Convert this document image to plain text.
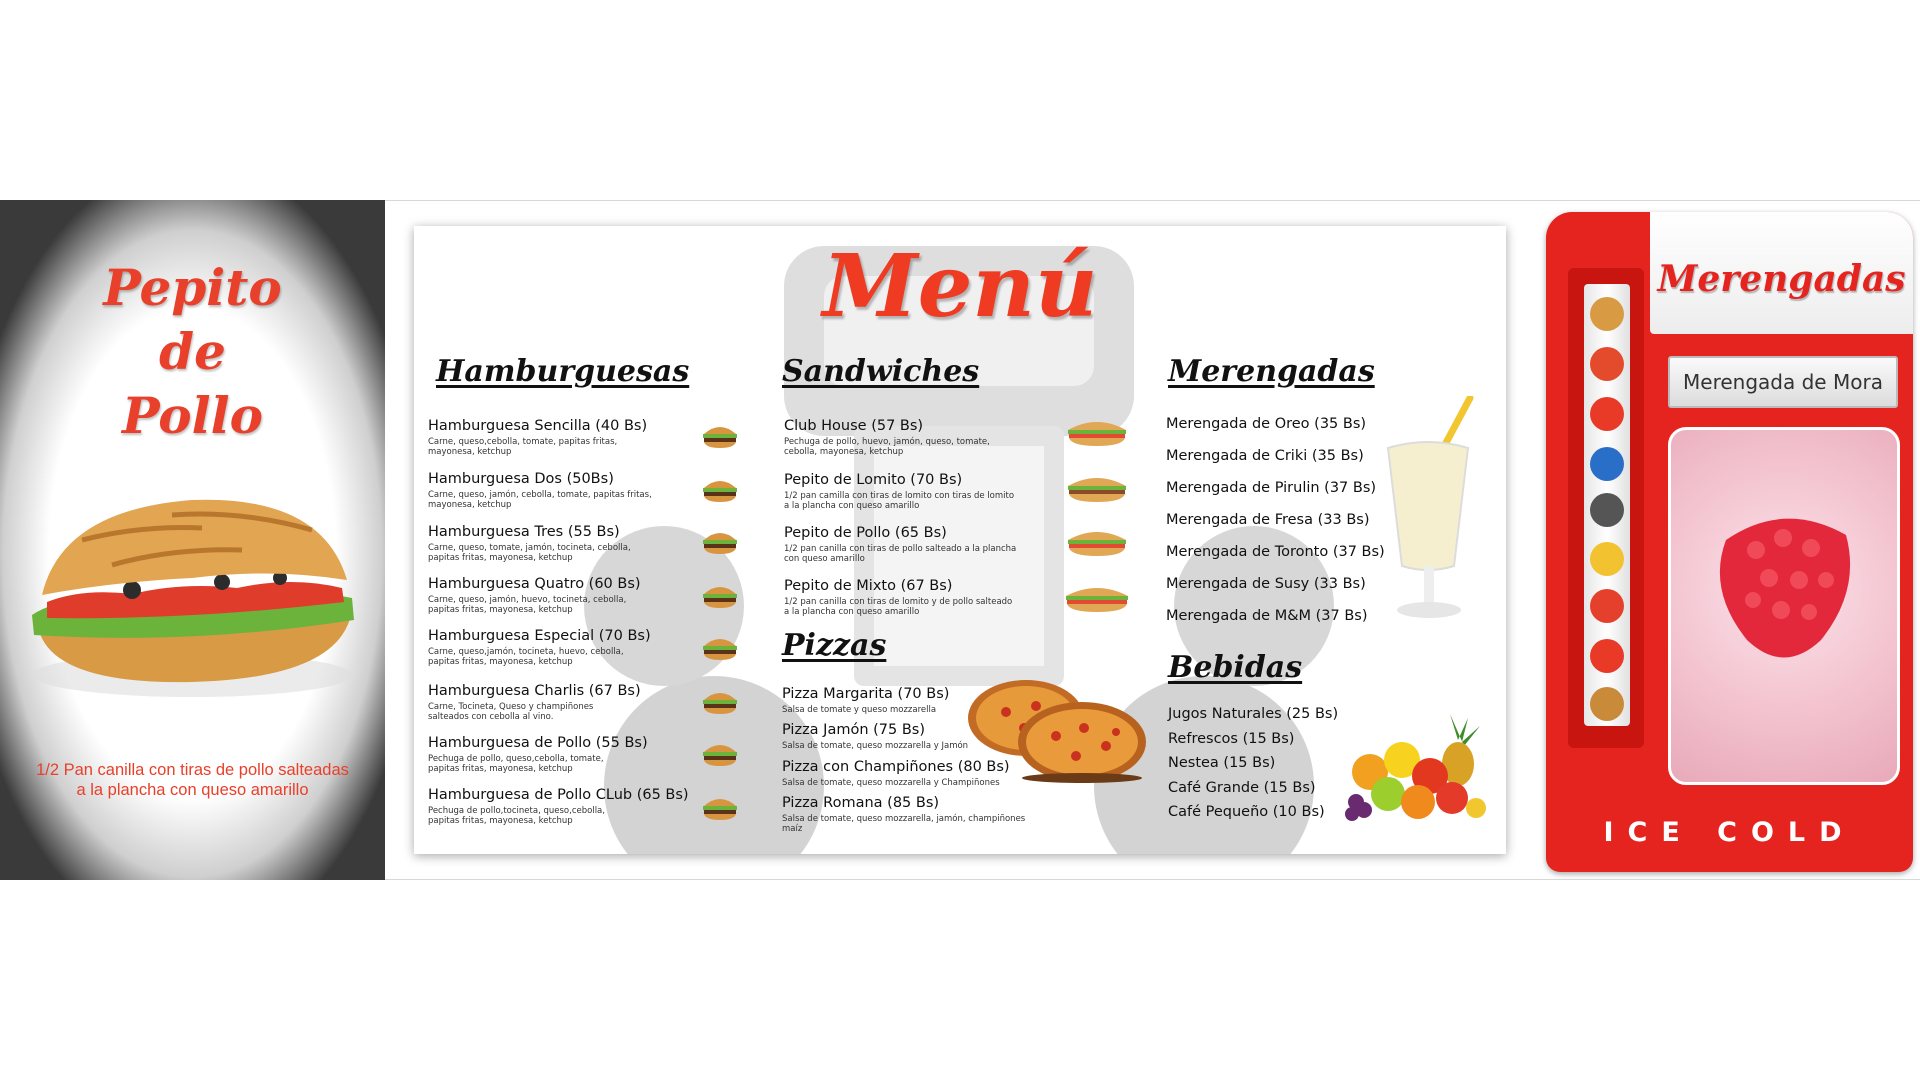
Pepito
de
Pollo
1/2 Pan canilla con tiras de pollo salteadas
a la plancha con queso amarillo
Menú
Hamburguesas
Hamburguesa Sencilla (40 Bs)
Carne, queso,cebolla, tomate, papitas fritas,
mayonesa, ketchup
Hamburguesa Dos (50Bs)
Carne, queso, jamón, cebolla, tomate, papitas fritas,
mayonesa, ketchup
Hamburguesa Tres (55 Bs)
Carne, queso, tomate, jamón, tocineta, cebolla,
papitas fritas, mayonesa, ketchup
Hamburguesa Quatro (60 Bs)
Carne, queso, jamón, huevo, tocineta, cebolla,
papitas fritas, mayonesa, ketchup
Hamburguesa Especial (70 Bs)
Carne, queso,jamón, tocineta, huevo, cebolla,
papitas fritas, mayonesa, ketchup
Hamburguesa Charlis (67 Bs)
Carne, Tocineta, Queso y champiñones
salteados con cebolla al vino.
Hamburguesa de Pollo (55 Bs)
Pechuga de pollo, queso,cebolla, tomate,
papitas fritas, mayonesa, ketchup
Hamburguesa de Pollo CLub (65 Bs)
Pechuga de pollo,tocineta, queso,cebolla,
papitas fritas, mayonesa, ketchup
Sandwiches
Club House (57 Bs)
Pechuga de pollo, huevo, jamón, queso, tomate,
cebolla, mayonesa, ketchup
Pepito de Lomito (70 Bs)
1/2 pan camilla con tiras de lomito con tiras de lomito
a la plancha con queso amarillo
Pepito de Pollo (65 Bs)
1/2 pan canilla con tiras de pollo salteado a la plancha
con queso amarillo
Pepito de Mixto (67 Bs)
1/2 pan canilla con tiras de lomito y de pollo salteado
a la plancha con queso amarillo
Pizzas
Pizza Margarita (70 Bs)
Salsa de tomate y queso mozzarella
Pizza Jamón (75 Bs)
Salsa de tomate, queso mozzarella y Jamón
Pizza con Champiñones (80 Bs)
Salsa de tomate, queso mozzarella y Champiñones
Pizza Romana (85 Bs)
Salsa de tomate, queso mozzarella, jamón, champiñones
maíz
Merengadas
Merengada de Oreo (35 Bs)
Merengada de Criki (35 Bs)
Merengada de Pirulin (37 Bs)
Merengada de Fresa (33 Bs)
Merengada de Toronto (37 Bs)
Merengada de Susy (33 Bs)
Merengada de M&M (37 Bs)
Bebidas
Jugos Naturales (25 Bs)
Refrescos (15 Bs)
Nestea (15 Bs)
Café Grande (15 Bs)
Café Pequeño (10 Bs)
Merengadas
Merengada de Mora
ICE COLD
